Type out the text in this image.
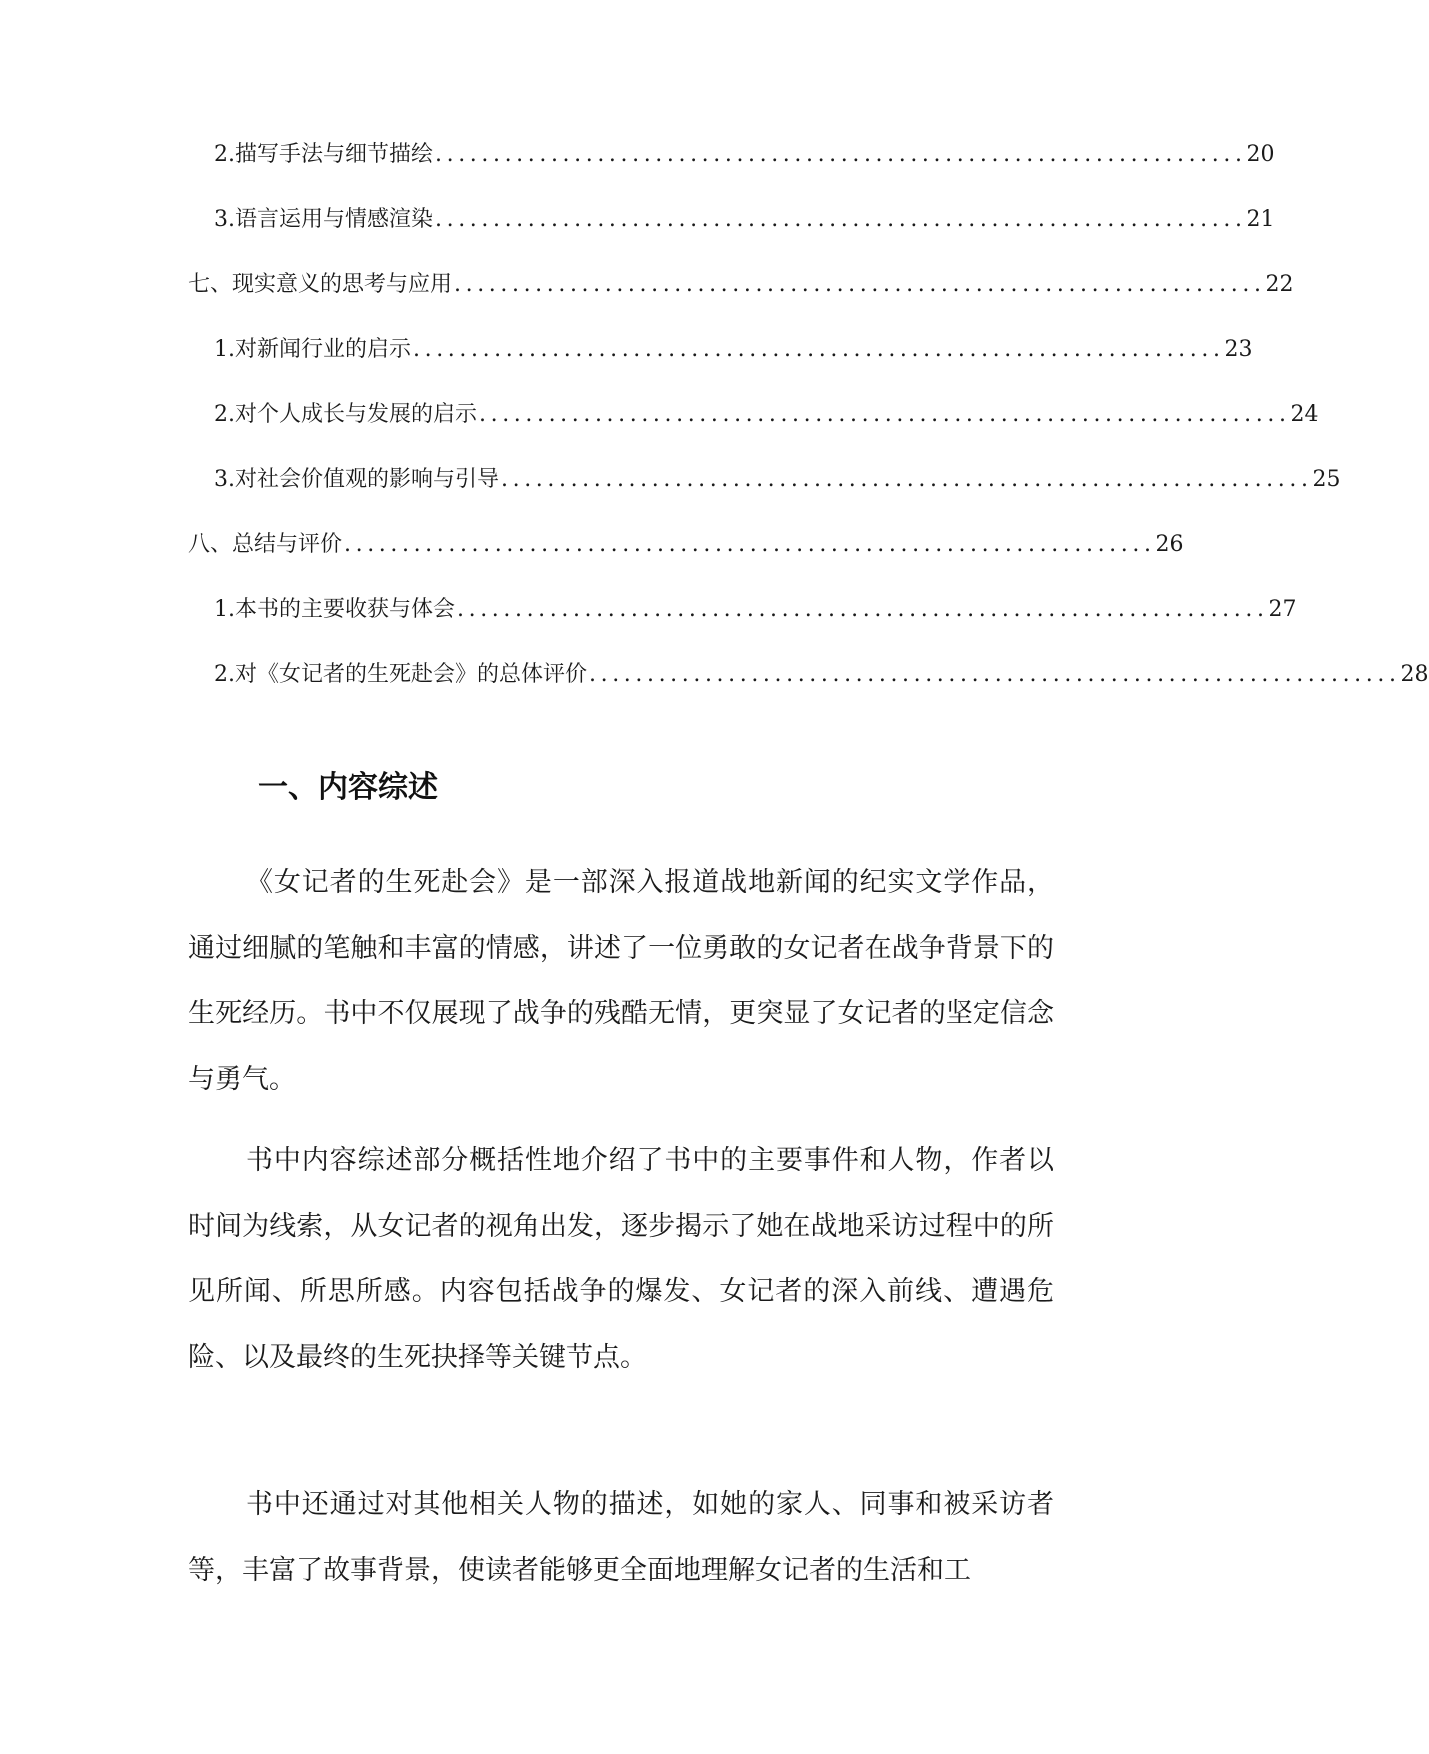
2. 描写手法与细节描绘 ...................................................................... 20
3. 语言运用与情感渲染 ...................................................................... 21
七、现实意义的思考与应用 ...................................................................... 22
1. 对新闻行业的启示 ...................................................................... 23
2. 对个人成长与发展的启示 ...................................................................... 24
3. 对社会价值观的影响与引导 ...................................................................... 25
八、总结与评价 ...................................................................... 26
1. 本书的主要收获与体会 ...................................................................... 27
2. 对《女记者的生死赴会》的总体评价 ...................................................................... 28
一、内容综述

《女记者的生死赴会》是一部深入报道战地新闻的纪实文学作品，通过细腻的笔触和丰富的情感，讲述了一位勇敢的女记者在战争背景下的生死经历。书中不仅展现了战争的残酷无情，更突显了女记者的坚定信念与勇气。

书中内容综述部分概括性地介绍了书中的主要事件和人物，作者以时间为线索，从女记者的视角出发，逐步揭示了她在战地采访过程中的所见所闻、所思所感。内容包括战争的爆发、女记者的深入前线、遭遇危险、以及最终的生死抉择等关键节点。

书中还通过对其他相关人物的描述，如她的家人、同事和被采访者等，丰富了故事背景，使读者能够更全面地理解女记者的生活和工
